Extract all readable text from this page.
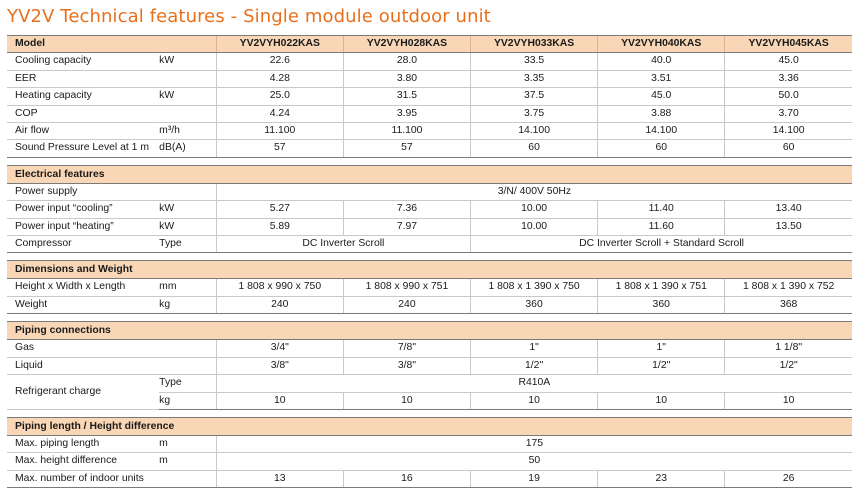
YV2V Technical features - Single module outdoor unit
Model		YV2VYH022KAS	YV2VYH028KAS	YV2VYH033KAS	YV2VYH040KAS	YV2VYH045KAS
Cooling capacity	kW	22.6	28.0	33.5	40.0	45.0
EER		4.28	3.80	3.35	3.51	3.36
Heating capacity	kW	25.0	31.5	37.5	45.0	50.0
COP		4.24	3.95	3.75	3.88	3.70
Air flow	m³/h	11.100	11.100	14.100	14.100	14.100
Sound Pressure Level at 1 m	dB(A)	57	57	60	60	60

Electrical features						
Power supply		3/N/ 400V 50Hz				
Power input “cooling”	kW	5.27	7.36	10.00	11.40	13.40
Power input “heating”	kW	5.89	7.97	10.00	11.60	13.50
Compressor	Type	DC Inverter Scroll		DC Inverter Scroll + Standard Scroll		

Dimensions and Weight						
Height x Width x Length	mm	1 808 x 990 x 750	1 808 x 990 x 751	1 808 x 1 390 x 750	1 808 x 1 390 x 751	1 808 x 1 390 x 752
Weight	kg	240	240	360	360	368

Piping connections						
Gas		3/4"	7/8"	1"	1"	1 1/8"
Liquid		3/8"	3/8"	1/2"	1/2"	1/2"
Refrigerant charge	Type	R410A				
	kg	10	10	10	10	10

Piping length / Height difference						
Max. piping length	m	175				
Max. height difference	m	50				
Max. number of indoor units		13	16	19	23	26
